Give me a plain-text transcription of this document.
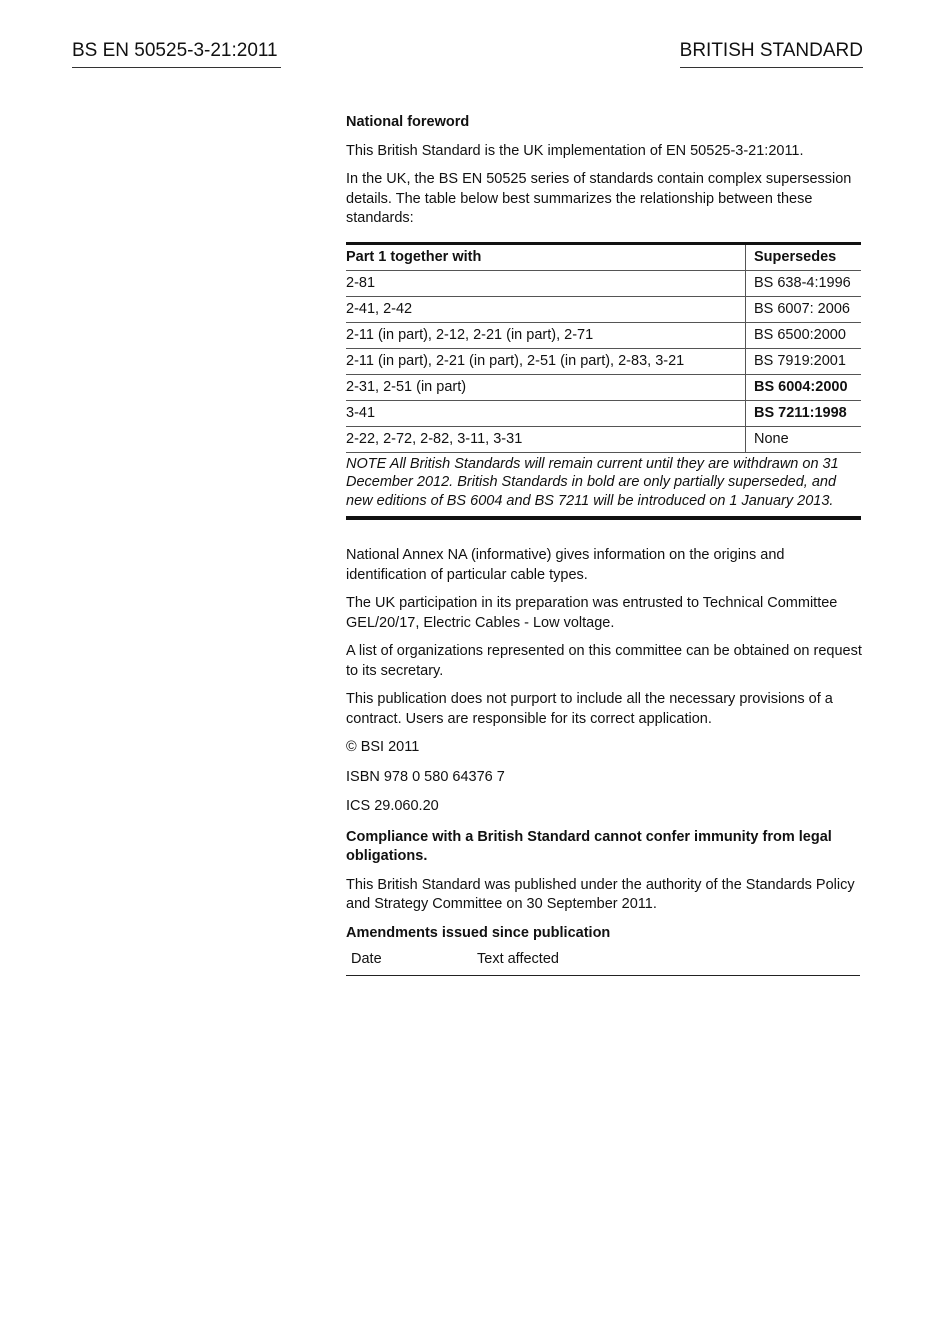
BS EN 50525-3-21:2011	BRITISH STANDARD

National foreword

This British Standard is the UK implementation of EN 50525-3-21:2011.

In the UK, the BS EN 50525 series of standards contain complex supersession details. The table below best summarizes the relationship between these standards:

Part 1 together with	Supersedes
2-81	BS 638-4:1996
2-41, 2-42	BS 6007: 2006
2-11 (in part), 2-12, 2-21 (in part), 2-71	BS 6500:2000
2-11 (in part), 2-21 (in part), 2-51 (in part), 2-83, 3-21	BS 7919:2001
2-31, 2-51 (in part)	BS 6004:2000
3-41	BS 7211:1998
2-22, 2-72, 2-82, 3-11, 3-31	None
NOTE All British Standards will remain current until they are withdrawn on 31 December 2012. British Standards in bold are only partially superseded, and new editions of BS 6004 and BS 7211 will be introduced on 1 January 2013.	

National Annex NA (informative) gives information on the origins and identification of particular cable types.

The UK participation in its preparation was entrusted to Technical Committee GEL/20/17, Electric Cables - Low voltage.

A list of organizations represented on this committee can be obtained on request to its secretary.

This publication does not purport to include all the necessary provisions of a contract. Users are responsible for its correct application.

© BSI 2011

ISBN 978 0 580 64376 7

ICS 29.060.20

Compliance with a British Standard cannot confer immunity from legal obligations.

This British Standard was published under the authority of the Standards Policy and Strategy Committee on 30 September 2011.

Amendments issued since publication

Date	Text affected
